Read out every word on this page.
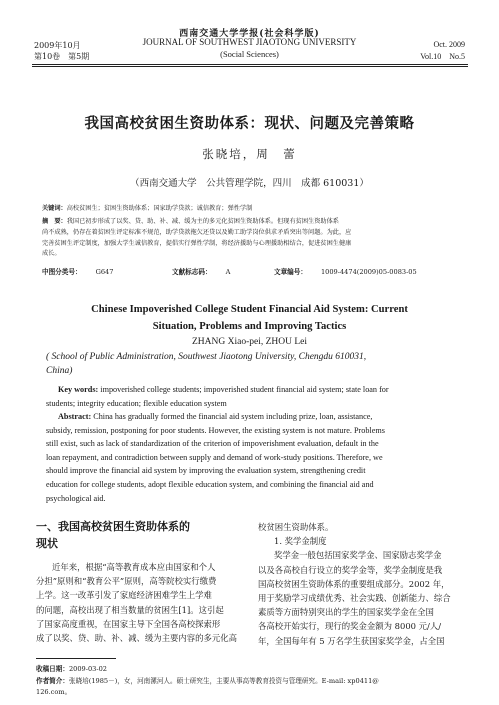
西南交通大学学报(社会科学版)
2009年10月	JOURNAL OF SOUTHWEST JIAOTONG UNIVERSITY	Oct. 2009
第10卷　第5期	(Social Sciences)	Vol.10　No.5
我国高校贫困生资助体系：现状、问题及完善策略
张晓培，周　蕾
（西南交通大学　公共管理学院，四川　成都 610031）
关键词：高校贫困生；贫困生资助体系；国家助学贷款；诚信教育；弹性学制
摘　要：我国已初步形成了以奖、贷、助、补、减、缓为主的多元化贫困生资助体系。但现有贫困生资助体系
尚不成熟，仍存在着贫困生评定标准不规范，助学贷款拖欠还贷以及勤工助学岗位供求矛盾突出等问题。为此，应
完善贫困生评定制度，加强大学生诚信教育，提倡实行弹性学制，将经济援助与心理援助相结合，促进贫困生健康
成长。
中图分类号： G647	文献标志码： A	文章编号： 1009-4474(2009)05-0083-05
Chinese Impoverished College Student Financial Aid System: Current
Situation, Problems and Improving Tactics
ZHANG Xiao-pei, ZHOU Lei
( School of Public Administration, Southwest Jiaotong University, Chengdu 610031,
China)
Key words: impoverished college students; impoverished student financial aid system; state loan for
students; integrity education; flexible education system
Abstract: China has gradually formed the financial aid system including prize, loan, assistance,
subsidy, remission, postponing for poor students. However, the existing system is not mature. Problems
still exist, such as lack of standardization of the criterion of impoverishment evaluation, default in the
loan repayment, and contradiction between supply and demand of work-study positions. Therefore, we
should improve the financial aid system by improving the evaluation system, strengthening credit
education for college students, adopt flexible education system, and combining the financial aid and
psychological aid.
一、我国高校贫困生资助体系的
现状
近年来，根据“高等教育成本应由国家和个人
分担”原则和“教育公平”原则，高等院校实行缴费
上学。这一改革引发了家庭经济困难学生上学难
的问题，高校出现了相当数量的贫困生[1]。这引起
了国家高度重视，在国家主导下全国各高校探索形
成了以奖、贷、助、补、减、缓为主要内容的多元化高
校贫困生资助体系。
1. 奖学金制度
奖学金一般包括国家奖学金、国家励志奖学金
以及各高校自行设立的奖学金等，奖学金制度是我
国高校贫困生资助体系的重要组成部分。2002 年，
用于奖励学习成绩优秀、社会实践、创新能力、综合
素质等方面特别突出的学生的国家奖学金在全国
各高校开始实行，现行的奖金金额为 8000 元/人/
年，全国每年有 5 万名学生获国家奖学金，占全国
收稿日期：2009-03-02
作者简介：张晓培(1985－)，女，河南漯河人。硕士研究生，主要从事高等教育投资与管理研究。E-mail: xp0411@
126.com。
